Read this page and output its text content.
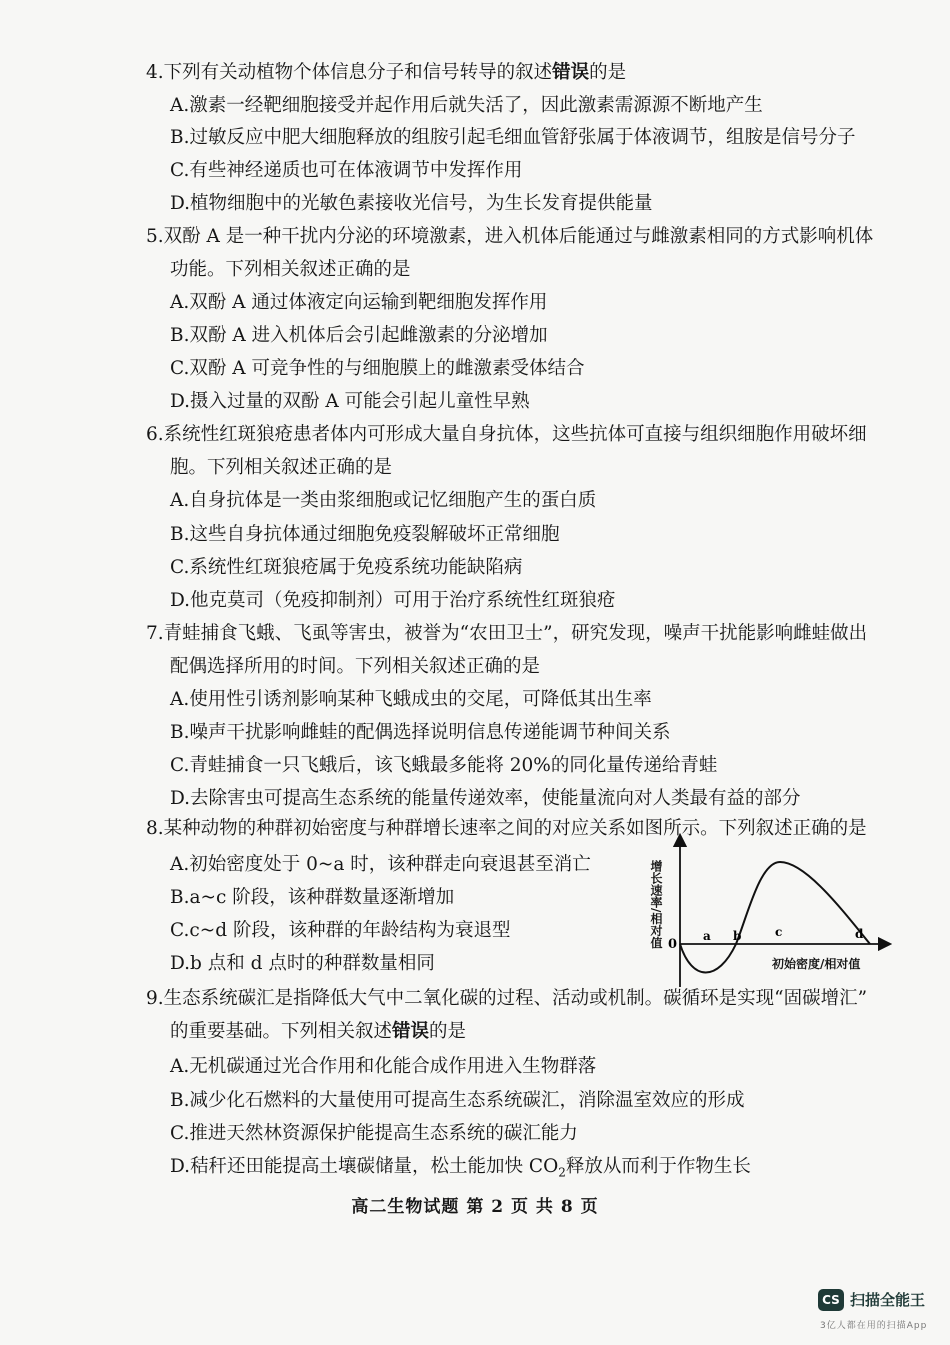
4.下列有关动植物个体信息分子和信号转导的叙述错误的是
A.激素一经靶细胞接受并起作用后就失活了，因此激素需源源不断地产生
B.过敏反应中肥大细胞释放的组胺引起毛细血管舒张属于体液调节，组胺是信号分子
C.有些神经递质也可在体液调节中发挥作用
D.植物细胞中的光敏色素接收光信号，为生长发育提供能量
5.双酚 A 是一种干扰内分泌的环境激素，进入机体后能通过与雌激素相同的方式影响机体
功能。下列相关叙述正确的是
A.双酚 A 通过体液定向运输到靶细胞发挥作用
B.双酚 A 进入机体后会引起雌激素的分泌增加
C.双酚 A 可竞争性的与细胞膜上的雌激素受体结合
D.摄入过量的双酚 A 可能会引起儿童性早熟
6.系统性红斑狼疮患者体内可形成大量自身抗体，这些抗体可直接与组织细胞作用破坏细
胞。下列相关叙述正确的是
A.自身抗体是一类由浆细胞或记忆细胞产生的蛋白质
B.这些自身抗体通过细胞免疫裂解破坏正常细胞
C.系统性红斑狼疮属于免疫系统功能缺陷病
D.他克莫司（免疫抑制剂）可用于治疗系统性红斑狼疮
7.青蛙捕食飞蛾、飞虱等害虫，被誉为“农田卫士”，研究发现，噪声干扰能影响雌蛙做出
配偶选择所用的时间。下列相关叙述正确的是
A.使用性引诱剂影响某种飞蛾成虫的交尾，可降低其出生率
B.噪声干扰影响雌蛙的配偶选择说明信息传递能调节种间关系
C.青蛙捕食一只飞蛾后，该飞蛾最多能将 20%的同化量传递给青蛙
D.去除害虫可提高生态系统的能量传递效率，使能量流向对人类最有益的部分
8.某种动物的种群初始密度与种群增长速率之间的对应关系如图所示。下列叙述正确的是
A.初始密度处于 0~a 时，该种群走向衰退甚至消亡
B.a~c 阶段，该种群数量逐渐增加
C.c~d 阶段，该种群的年龄结构为衰退型
D.b 点和 d 点时的种群数量相同
0
a b	c	d
增长速率/相对值
初始密度/相对值
9.生态系统碳汇是指降低大气中二氧化碳的过程、活动或机制。碳循环是实现“固碳增汇”
的重要基础。下列相关叙述错误的是
A.无机碳通过光合作用和化能合成作用进入生物群落
B.减少化石燃料的大量使用可提高生态系统碳汇，消除温室效应的形成
C.推进天然林资源保护能提高生态系统的碳汇能力
D.秸秆还田能提高土壤碳储量，松土能加快 $CO_2$释放从而利于作物生长
高二生物试题 第 2 页 共 8 页
CS 扫描全能王
3亿人都在用的扫描App
